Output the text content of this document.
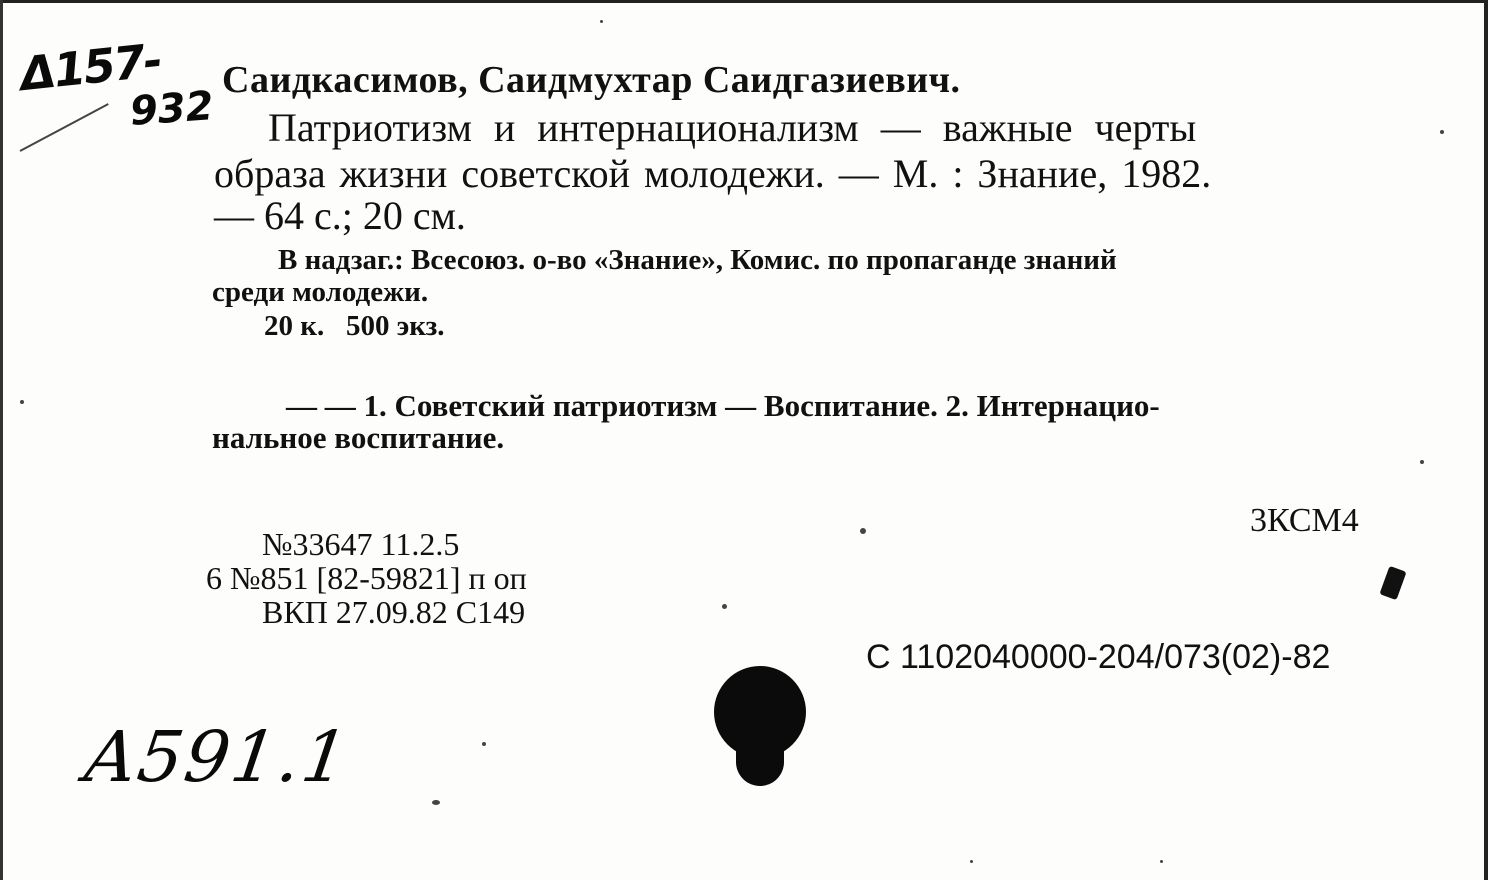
Δ157-
932
Саидкасимов, Саидмухтар Саидгазиевич.
Патриотизм и интернационализм — важные черты
образа жизни советской молодежи. — М. : Знание, 1982.
— 64 с.; 20 см.
В надзаг.: Всесоюз. о-во «Знание», Комис. по пропаганде знаний
среди молодежи.
20 к.   500 экз.
— — 1. Советский патриотизм — Воспитание. 2. Интернацио-
нальное воспитание.
3КСМ4
№33647 11.2.5
6 №851 [82-59821] п оп
ВКП 27.09.82 С149
С 1102040000-204/073(02)-82
A591.1
